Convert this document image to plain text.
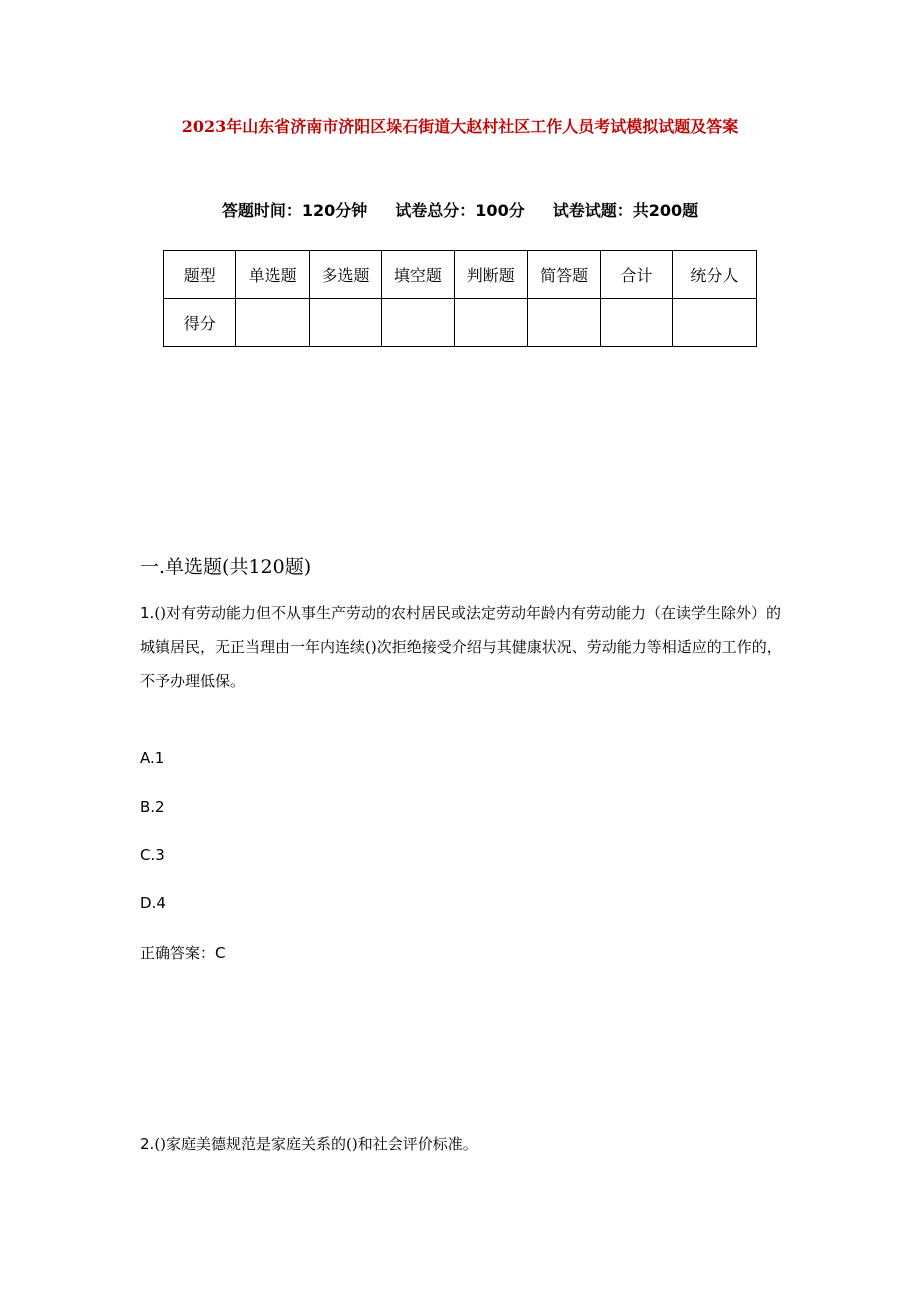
2023年山东省济南市济阳区垛石街道大赵村社区工作人员考试模拟试题及答案
答题时间：120分钟 试卷总分：100分 试卷试题：共200题
题型	单选题	多选题	填空题	判断题	简答题	合计	统分人
得分							
一.单选题(共120题)
1.()对有劳动能力但不从事生产劳动的农村居民或法定劳动年龄内有劳动能力（在读学生除外）的城镇居民，无正当理由一年内连续()次拒绝接受介绍与其健康状况、劳动能力等相适应的工作的，不予办理低保。
A.1
B.2
C.3
D.4
正确答案：C
2.()家庭美德规范是家庭关系的()和社会评价标准。
